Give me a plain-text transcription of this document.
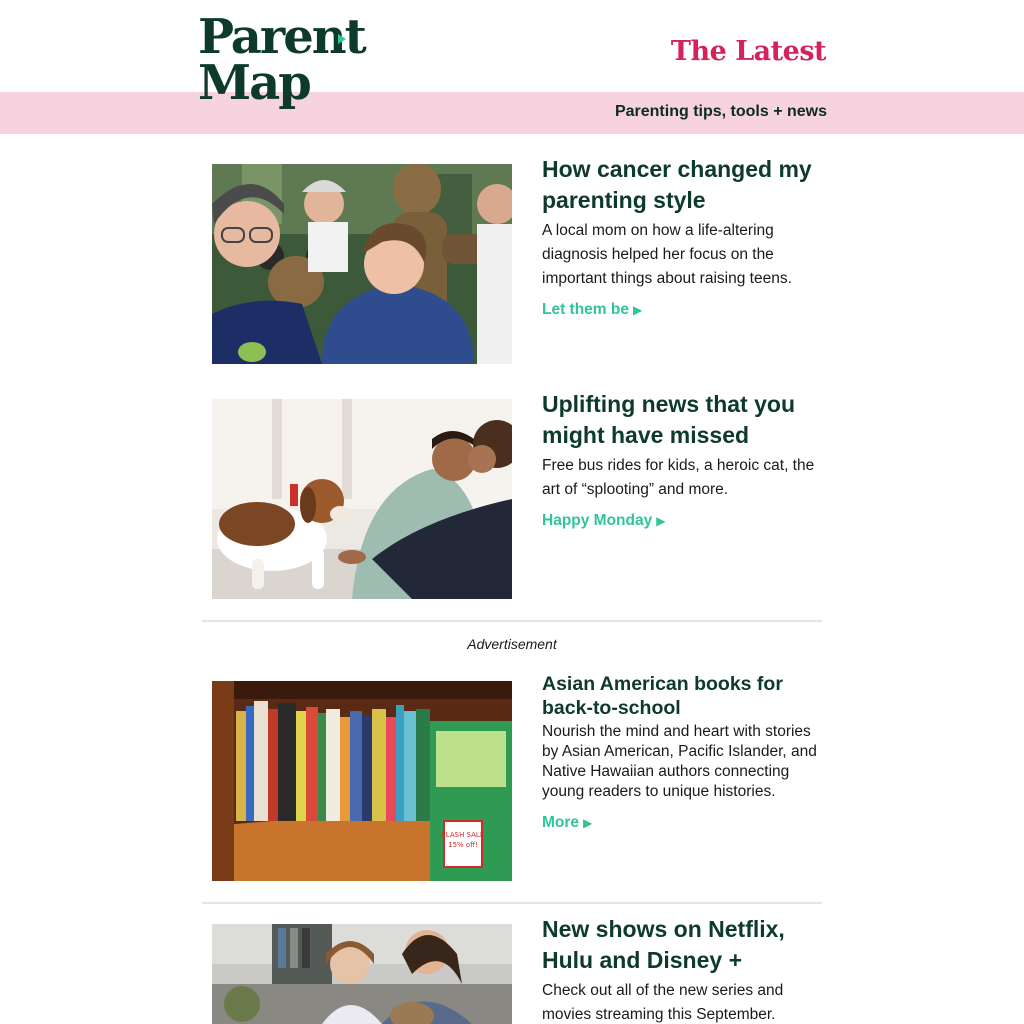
Parent
Map
The Latest
Parenting tips, tools + news
How cancer changed my parenting style
A local mom on how a life-altering diagnosis helped her focus on the important things about raising teens.
Let them be ▶
Uplifting news that you might have missed
Free bus rides for kids, a heroic cat, the art of “splooting” and more.
Happy Monday ▶
Advertisement
FLASH SALE
15% off!
Asian American books for back-to-school
Nourish the mind and heart with stories by Asian American, Pacific Islander, and Native Hawaiian authors connecting young readers to unique histories.
More ▶
New shows on Netflix, Hulu and Disney +
Check out all of the new series and movies streaming this September.
